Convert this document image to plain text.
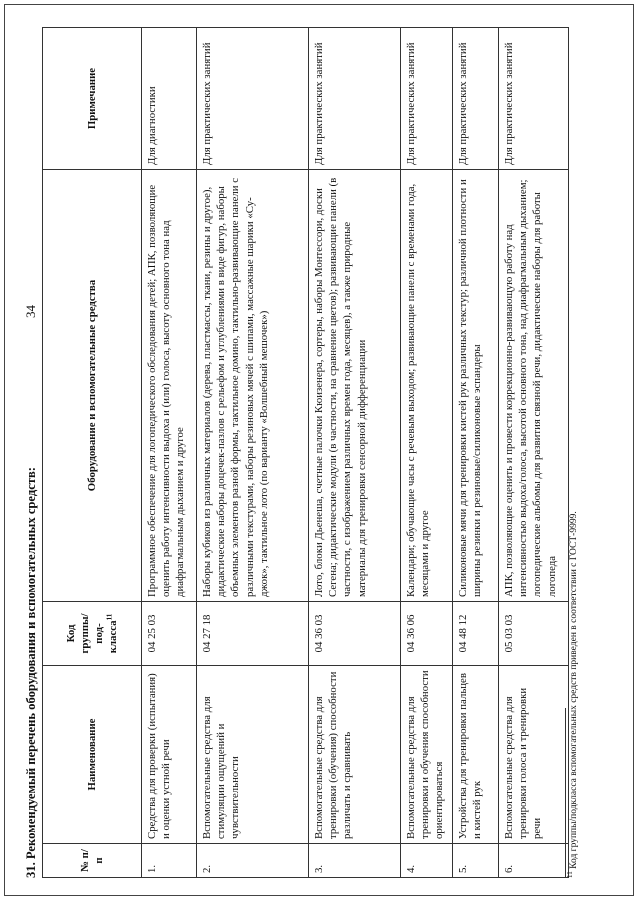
31. Рекомендуемый перечень оборудования и вспомогательных средств:
34
№ п/п	Наименование	Код группы/под-класса$^{11}$	Оборудование и вспомогательные средства	Примечание
1.	Средства для проверки (испытания) и оценки устной речи	04 25 03	Программное обеспечение для логопедического обследования детей; АПК, позволяющие оценить работу интенсивности выдоха и (или) голоса, высоту основного тона над диафрагмальным дыханием и другое	Для диагностики
2.	Вспомогательные средства для стимуляции ощущений и чувствительности	04 27 18	Наборы кубиков из различных материалов (дерева, пластмассы, ткани, резины и другое), дидактические наборы доцечек-пазлов с рельефом и углублениями в виде фигур, наборы объемных элементов разной формы, тактильное домино, тактильно-развивающие панели с различными текстурами, наборы резиновых мячей с шипами, массажные шарики «Су-джок», тактильное лото (по варианту «Волшебный мешочек»)	Для практических занятий
3.	Вспомогательные средства для тренировки (обучения) способности различать и сравнивать	04 36 03	Лото, блоки Дьенеша, счетные палочки Кюизенера, сортеры, наборы Монтессори, доски Сегена; дидактические модули (в частности, на сравнение цветов); развивающие панели (в частности, с изображением различных времен года, месяцев), а также природные материалы для тренировки сенсорной дифференциации	Для практических занятий
4.	Вспомогательные средства для тренировки и обучения способности ориентироваться	04 36 06	Календари; обучающие часы с речевым выходом; развивающие панели с временами года, месяцами и другое	Для практических занятий
5.	Устройства для тренировки пальцев и кистей рук	04 48 12	Силиконовые мячи для тренировки кистей рук различных текстур; различной плотности и ширины резинки и резиновые/силиконовые эспандеры	Для практических занятий
6.	Вспомогательные средства для тренировки голоса и тренировки речи	05 03 03	АПК, позволяющие оценить и провести коррекционно-развивающую работу над интенсивностью выдоха/голоса, высотой основного тона, над диафрагмальным дыханием; логопедические альбомы для развития связной речи, дидактические наборы для работы логопеда	Для практических занятий
$^{11}$ Код группы/подкласса вспомогательных средств приведен в соответствии с ГОСТ-9999.
